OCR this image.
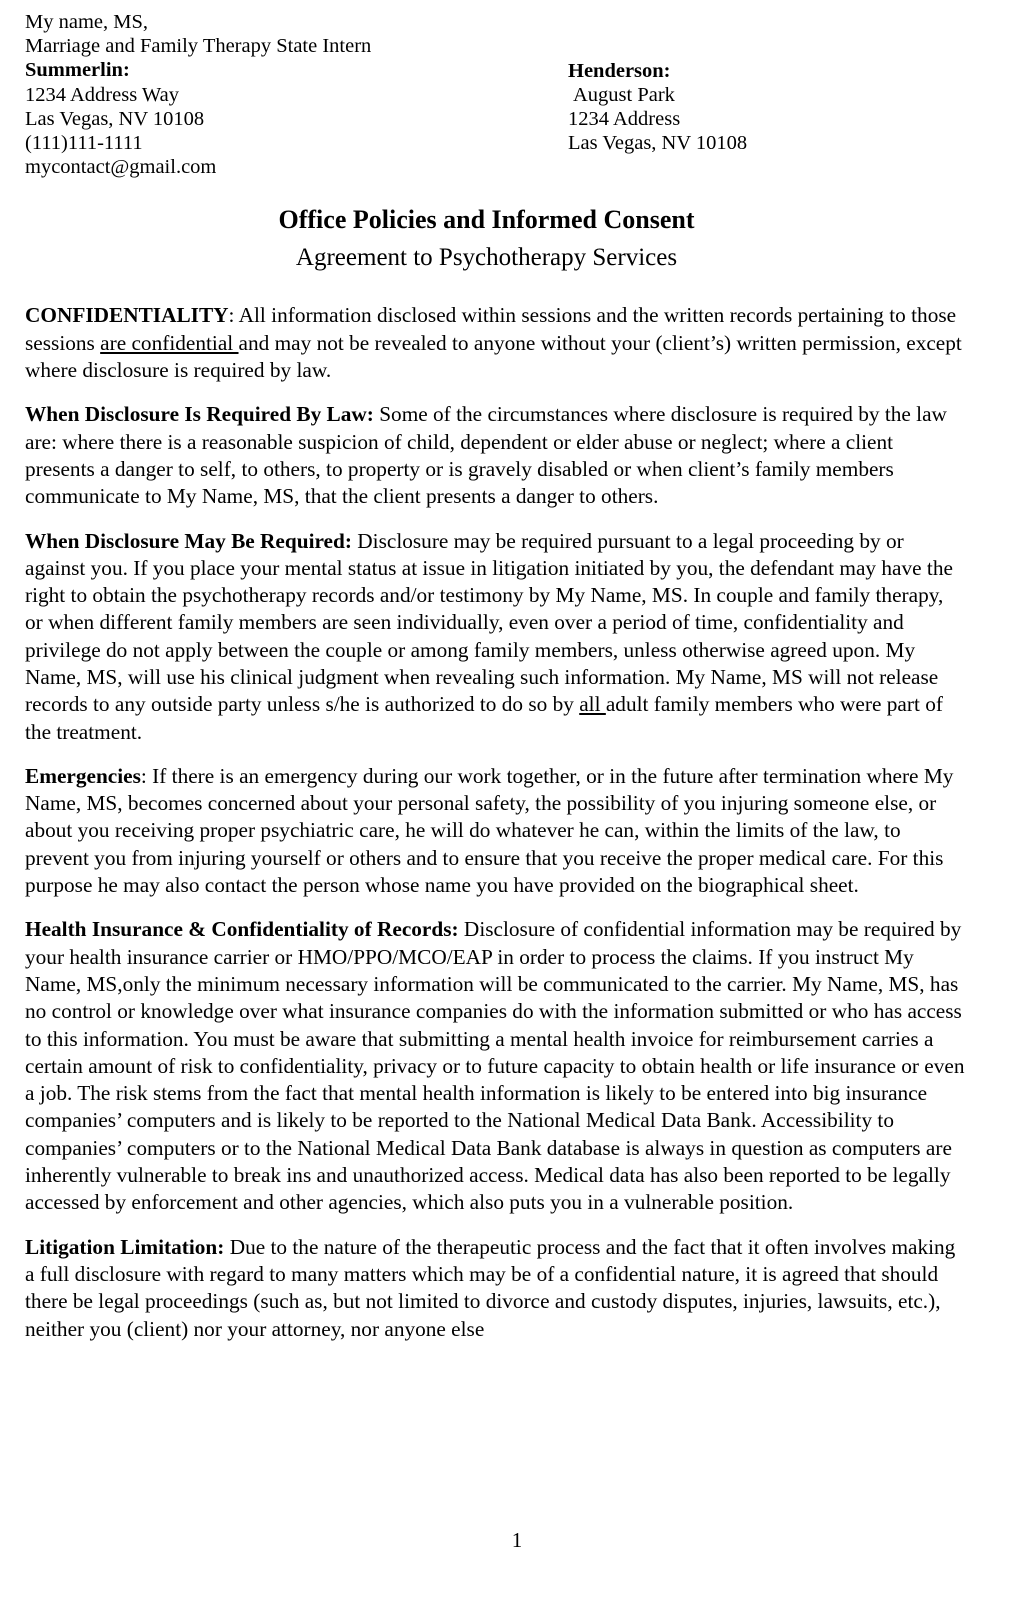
My name, MS,
Marriage and Family Therapy State Intern
Summerlin:
1234 Address Way
Las Vegas, NV 10108
(111)111-1111
mycontact@gmail.com
Henderson:
August Park
1234 Address
Las Vegas, NV 10108
Office Policies and Informed Consent
Agreement to Psychotherapy Services

CONFIDENTIALITY: All information disclosed within sessions and the written records pertaining to those sessions are confidential and may not be revealed to anyone without your (client’s) written permission, except where disclosure is required by law.

When Disclosure Is Required By Law: Some of the circumstances where disclosure is required by the law are: where there is a reasonable suspicion of child, dependent or elder abuse or neglect; where a client presents a danger to self, to others, to property or is gravely disabled or when client’s family members communicate to My Name, MS, that the client presents a danger to others.

When Disclosure May Be Required: Disclosure may be required pursuant to a legal proceeding by or against you. If you place your mental status at issue in litigation initiated by you, the defendant may have the right to obtain the psychotherapy records and/or testimony by My Name, MS. In couple and family therapy, or when different family members are seen individually, even over a period of time, confidentiality and privilege do not apply between the couple or among family members, unless otherwise agreed upon. My Name, MS, will use his clinical judgment when revealing such information. My Name, MS will not release records to any outside party unless s/he is authorized to do so by all adult family members who were part of the treatment.

Emergencies: If there is an emergency during our work together, or in the future after termination where My Name, MS, becomes concerned about your personal safety, the possibility of you injuring someone else, or about you receiving proper psychiatric care, he will do whatever he can, within the limits of the law, to prevent you from injuring yourself or others and to ensure that you receive the proper medical care. For this purpose he may also contact the person whose name you have provided on the biographical sheet.

Health Insurance & Confidentiality of Records: Disclosure of confidential information may be required by your health insurance carrier or HMO/PPO/MCO/EAP in order to process the claims. If you instruct My Name, MS,only the minimum necessary information will be communicated to the carrier. My Name, MS, has no control or knowledge over what insurance companies do with the information submitted or who has access to this information. You must be aware that submitting a mental health invoice for reimbursement carries a certain amount of risk to confidentiality, privacy or to future capacity to obtain health or life insurance or even a job. The risk stems from the fact that mental health information is likely to be entered into big insurance companies’ computers and is likely to be reported to the National Medical Data Bank. Accessibility to companies’ computers or to the National Medical Data Bank database is always in question as computers are inherently vulnerable to break ins and unauthorized access. Medical data has also been reported to be legally accessed by enforcement and other agencies, which also puts you in a vulnerable position.

Litigation Limitation: Due to the nature of the therapeutic process and the fact that it often involves making a full disclosure with regard to many matters which may be of a confidential nature, it is agreed that should there be legal proceedings (such as, but not limited to divorce and custody disputes, injuries, lawsuits, etc.), neither you (client) nor your attorney, nor anyone else

1
